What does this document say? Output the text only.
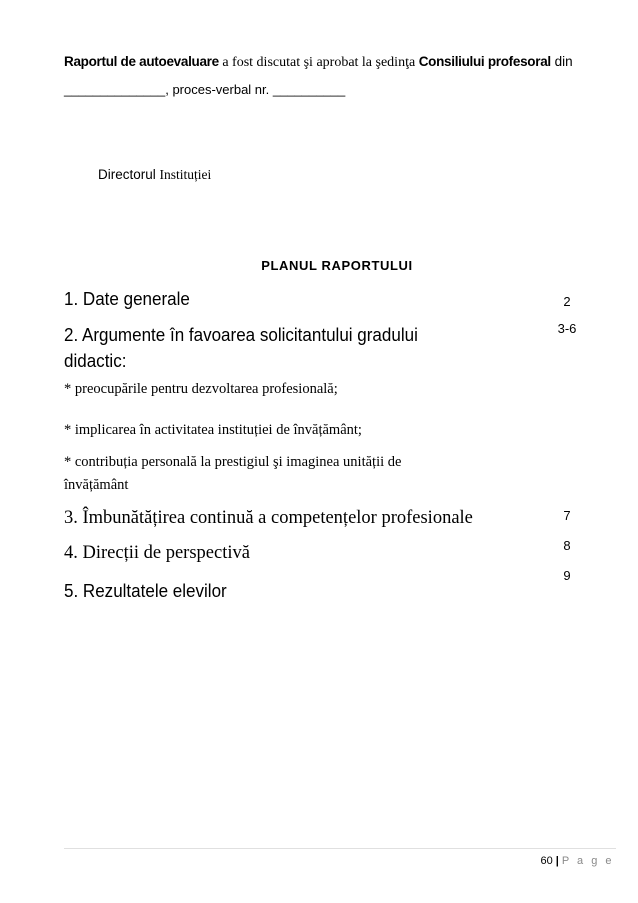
Raportul de autoevaluare a fost discutat şi aprobat la şedinţa Consiliului profesoral din
______________, proces-verbal nr. __________
Directorul Instituției
PLANUL RAPORTULUI
1. Date generale
2. Argumente în favoarea solicitantului gradului
didactic:
* preocupările pentru dezvoltarea profesională;
* implicarea în activitatea instituției de învățământ;
* contribuția personală la prestigiul şi imaginea unității de
învățământ
3. Îmbunătățirea continuă a competențelor profesionale
4. Direcții de perspectivă
5. Rezultatele elevilor
2
3-6
7
8
9
60 | P a g e
